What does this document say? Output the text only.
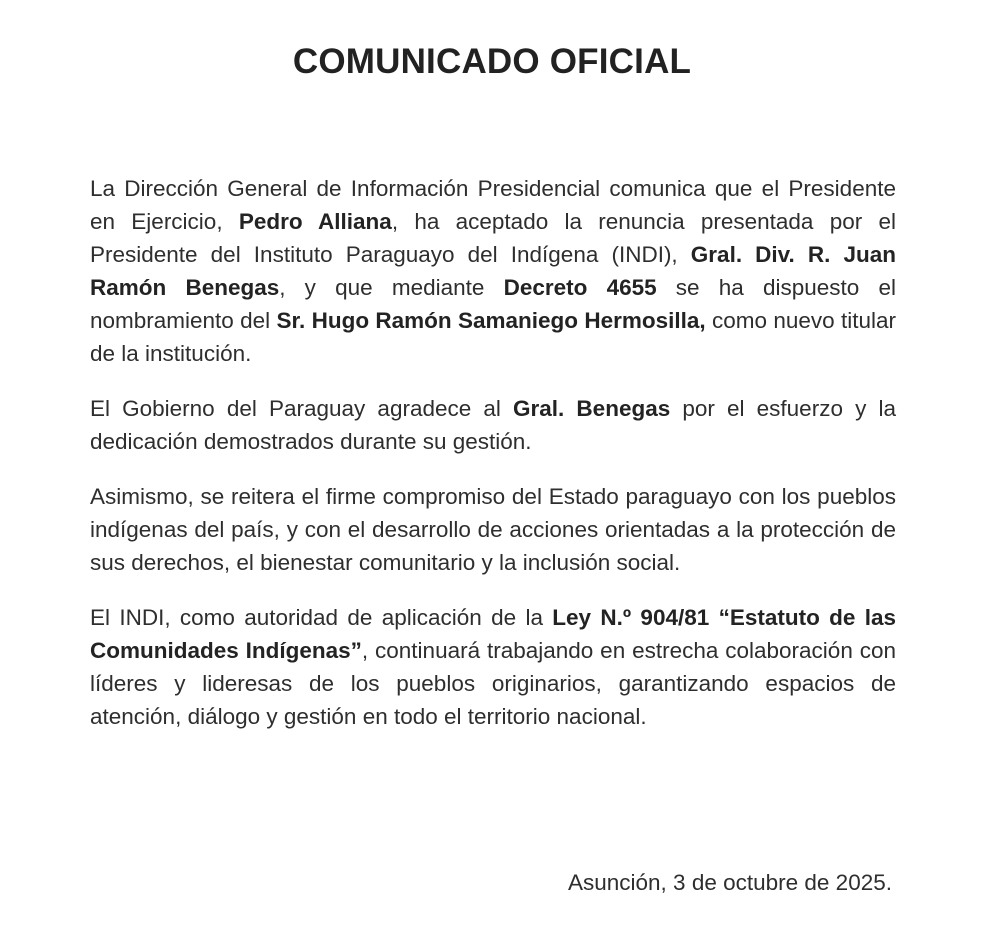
COMUNICADO OFICIAL

La Dirección General de Información Presidencial comunica que el Presidente en Ejercicio, Pedro Alliana, ha aceptado la renuncia presentada por el Presidente del Instituto Paraguayo del Indígena (INDI), Gral. Div. R. Juan Ramón Benegas, y que mediante Decreto 4655 se ha dispuesto el nombramiento del Sr. Hugo Ramón Samaniego Hermosilla, como nuevo titular de la institución.

El Gobierno del Paraguay agradece al Gral. Benegas por el esfuerzo y la dedicación demostrados durante su gestión.

Asimismo, se reitera el firme compromiso del Estado paraguayo con los pueblos indígenas del país, y con el desarrollo de acciones orientadas a la protección de sus derechos, el bienestar comunitario y la inclusión social.

El INDI, como autoridad de aplicación de la Ley N.º 904/81 “Estatuto de las Comunidades Indígenas”, continuará trabajando en estrecha colaboración con líderes y lideresas de los pueblos originarios, garantizando espacios de atención, diálogo y gestión en todo el territorio nacional.

Asunción, 3 de octubre de 2025.
